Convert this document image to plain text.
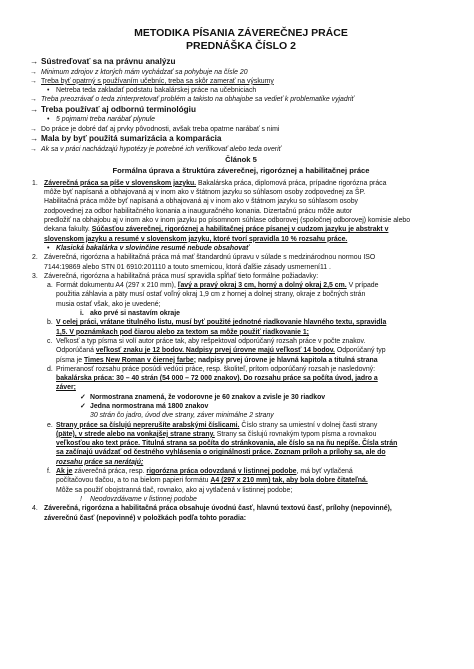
METODIKA PÍSANIA ZÁVEREČNEJ PRÁCE
PREDNÁŠKA ČÍSLO 2
→ Sústreďovať sa na právnu analýzu
→ Minimum zdrojov z ktorých mám vychádzať sa pohybuje na čísle 20
→ Treba byť opatrný s používaním učebníc, treba sa skôr zamerať na výskumy
• Netreba teda zakladať podstatu bakalárskej práce na učebniciach
→ Treba preozrávať o teda zinterpretovať problém a takisto na obhajobe sa vedieť k problematike vyjadriť
→ Treba používať aj odbornú terminológiu
• 5 pojmami treba narábať plynule
→ Do práce je dobré dať aj prvky pôvodnosti, avšak treba opatrne narábať s nimi
→ Mala by byť použitá sumarizácia a komparácia
→ Ak sa v práci nachádzajú hypotézy je potrebné ich verifikovať alebo teda overiť
Článok 5
Formálna úprava a štruktúra záverečnej, rigoróznej a habilitačnej práce
1. Záverečná práca sa píše v slovenskom jazyku. Bakalárska práca, diplomová práca, prípadne rigorózna práca
môže byť napísaná a obhajovaná aj v inom ako v štátnom jazyku so súhlasom osoby zodpovednej za ŠP.
Habilitačná práca môže byť napísaná a obhajovaná aj v inom ako v štátnom jazyku so súhlasom osoby
zodpovednej za odbor habilitačného konania a inauguračného konania. Dizertačnú prácu môže autor
predložiť na obhajobu aj v inom ako v inom jazyku po písomnom súhlase odborovej (spoločnej odborovej) komisie alebo
dekana fakulty. Súčasťou záverečnej, rigoróznej a habilitačnej práce písanej v cudzom jazyku je abstrakt v
slovenskom jazyku a resumé v slovenskom jazyku, ktoré tvorí spravidla 10 % rozsahu práce.
• Klasická bakalárka v slovinčine resumé nebude obsahovať
2. Záverečná, rigorózna a habilitačná práca má mať štandardnú úpravu v súlade s medzinárodnou normou ISO
7144:19869 alebo STN 01 6910:201110 a touto smernicou, ktorá ďalšie zásady usmernení11 .
3. Záverečná, rigorózna a habilitačná práca musí spravidla spĺňať tieto formálne požiadavky:
a. Formát dokumentu A4 (297 x 210 mm), ľavý a pravý okraj 3 cm, horný a dolný okraj 2,5 cm. V prípade
použitia záhlavia a päty musí ostať voľný okraj 1,9 cm z hornej a dolnej strany, okraje z bočných strán
musia ostať však, ako je uvedené;
i. ako prvé si nastavím okraje
b. V celej práci, vrátane titulného listu, musí byť použité jednotné riadkovanie hlavného textu, spravidla
1,5. V poznámkach pod čiarou alebo za textom sa môže použiť riadkovanie 1;
c. Veľkosť a typ písma si volí autor práce tak, aby rešpektoval odporúčaný rozsah práce v počte znakov.
Odporúčaná veľkosť znaku je 12 bodov. Nadpisy prvej úrovne majú veľkosť 14 bodov. Odporúčaný typ
písma je Times New Roman v čiernej farbe; nadpisy prvej úrovne je hlavná kapitola a titulná strana
d. Primeranosť rozsahu práce posúdi vedúci práce, resp. školiteľ, prítom odporúčaný rozsah je nasledovný:
bakalárska práca: 30 – 40 strán (54 000 – 72 000 znakov). Do rozsahu práce sa počíta úvod, jadro a
záver;
✓ Normostrana znamená, že vodorovne je 60 znakov a zvisle je 30 riadkov
✓ Jedna normostrana má 1800 znakov
30 strán čo jadro, úvod dve strany, záver minimálne 2 strany
e. Strany práce sa číslujú neprerušíte arabskými číslicami. Číslo strany sa umiestní v dolnej časti strany
(päte), v strede alebo na vonkajšej strane strany. Strany sa číslujú rovnakým typom písma a rovnakou
veľkosťou ako text práce. Titulná strana sa počíta do stránkovania, ale číslo sa na ňu nepíše. Čísla strán
sa začínajú uvádzať od čestného vyhlásenia o originálnosti práce. Zoznam príloh a prílohy sa, ale do
rozsahu práce sa nerátajú;
f. Ak je záverečná práca, resp. rigorózna práca odovzdaná v listinnej podobe, má byť vytlačená
počítačovou tlačou, a to na bielom papieri formátu A4 (297 x 210 mm) tak, aby bola dobre čitateľná.
Môže sa použiť obojstranná tlač, rovnako, ako aj vytlačená v listinnej podobe;
! Neodovzdávame v listinnej podobe
4. Záverečná, rigorózna a habilitačná práca obsahuje úvodnú časť, hlavnú textovú časť, prílohy (nepovinné),
záverečnú časť (nepovinné) v položkách podľa tohto poradia:
